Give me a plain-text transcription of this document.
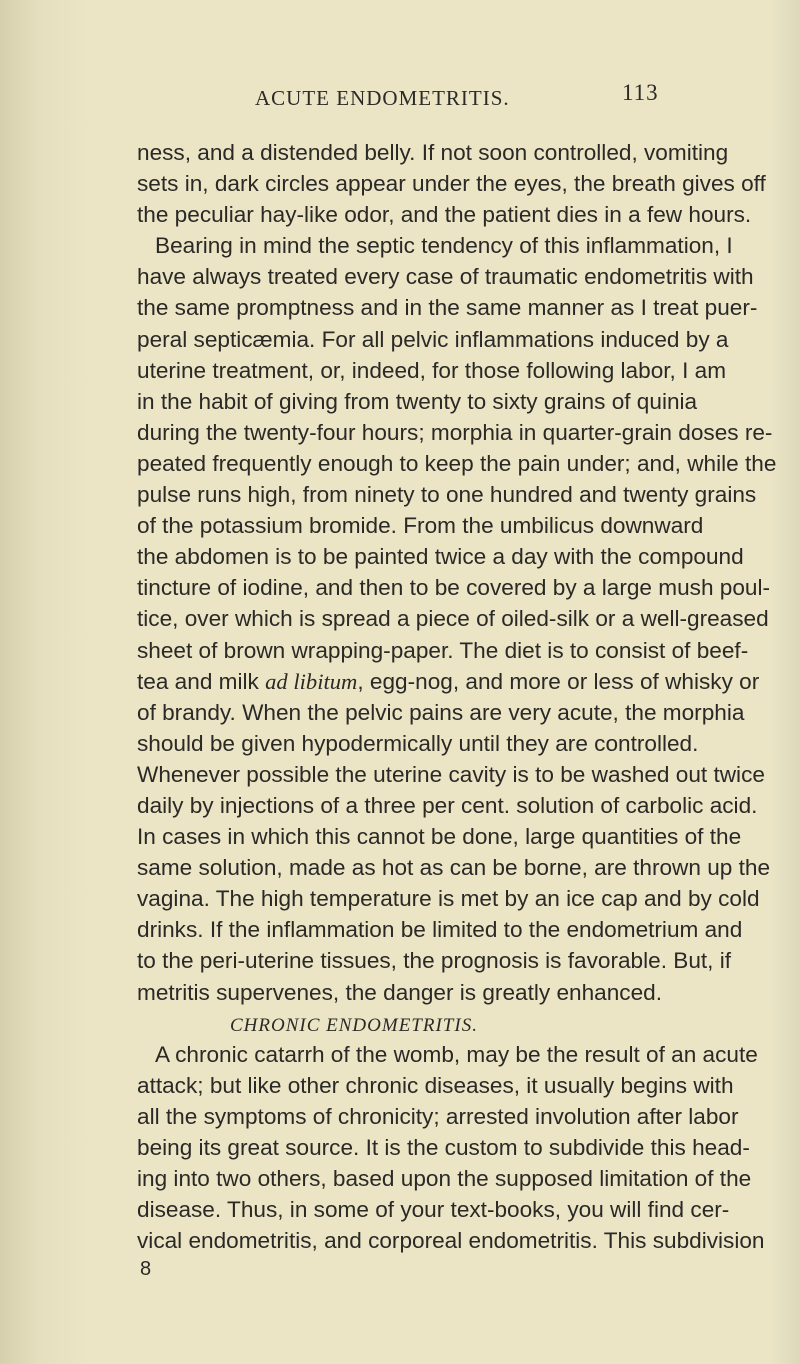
ACUTE ENDOMETRITIS.	113
ness, and a distended belly. If not soon controlled, vomiting
sets in, dark circles appear under the eyes, the breath gives off
the peculiar hay-like odor, and the patient dies in a few hours.
Bearing in mind the septic tendency of this inflammation, I
have always treated every case of traumatic endometritis with
the same promptness and in the same manner as I treat puer-
peral septicæmia. For all pelvic inflammations induced by a
uterine treatment, or, indeed, for those following labor, I am
in the habit of giving from twenty to sixty grains of quinia
during the twenty-four hours; morphia in quarter-grain doses re-
peated frequently enough to keep the pain under; and, while the
pulse runs high, from ninety to one hundred and twenty grains
of the potassium bromide. From the umbilicus downward
the abdomen is to be painted twice a day with the compound
tincture of iodine, and then to be covered by a large mush poul-
tice, over which is spread a piece of oiled-silk or a well-greased
sheet of brown wrapping-paper. The diet is to consist of beef-
tea and milk ad libitum, egg-nog, and more or less of whisky or
of brandy. When the pelvic pains are very acute, the morphia
should be given hypodermically until they are controlled.
Whenever possible the uterine cavity is to be washed out twice
daily by injections of a three per cent. solution of carbolic acid.
In cases in which this cannot be done, large quantities of the
same solution, made as hot as can be borne, are thrown up the
vagina. The high temperature is met by an ice cap and by cold
drinks. If the inflammation be limited to the endometrium and
to the peri-uterine tissues, the prognosis is favorable. But, if
metritis supervenes, the danger is greatly enhanced.
CHRONIC ENDOMETRITIS.
A chronic catarrh of the womb, may be the result of an acute
attack; but like other chronic diseases, it usually begins with
all the symptoms of chronicity; arrested involution after labor
being its great source. It is the custom to subdivide this head-
ing into two others, based upon the supposed limitation of the
disease. Thus, in some of your text-books, you will find cer-
vical endometritis, and corporeal endometritis. This subdivision
8
